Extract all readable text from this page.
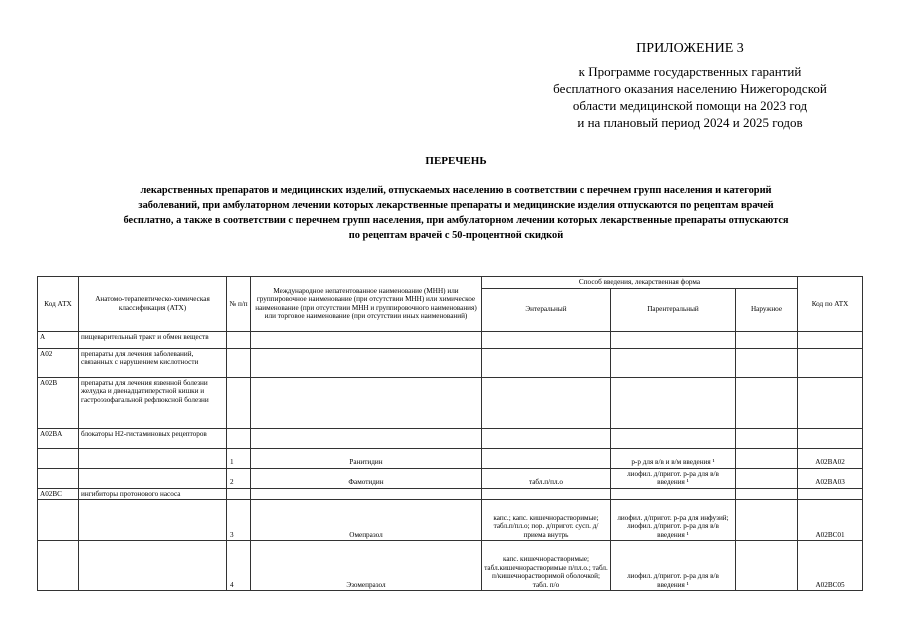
ПРИЛОЖЕНИЕ 3
к Программе государственных гарантий
бесплатного оказания населению Нижегородской
области медицинской помощи на 2023 год
и на плановый период 2024 и 2025 годов
ПЕРЕЧЕНЬ
лекарственных препаратов и медицинских изделий, отпускаемых населению в соответствии с перечнем групп населения и категорий
заболеваний, при амбулаторном лечении которых лекарственные препараты и медицинские изделия отпускаются по рецептам врачей
бесплатно, а также в соответствии с перечнем групп населения, при амбулаторном лечении которых лекарственные препараты отпускаются
по рецептам врачей с 50-процентной скидкой
Код АТХ	Анатомо-терапевтическо-химическая классификация (АТХ)	№ п/п	Международное непатентованное наименование (МНН) или группировочное наименование (при отсутствии МНН) или химическое наименование (при отсутствии МНН и группировочного наименования) или торговое наименование (при отсутствии иных наименований)	Способ введения, лекарственная форма			Код по АТХ
				Энтеральный	Парентеральный	Наружное	
A	пищеварительный тракт и обмен веществ						
A02	препараты для лечения заболеваний, связанных с нарушением кислотности						
A02B	препараты для лечения язвенной болезни желудка и двенадцатиперстной кишки и гастроэзофагальной рефлюксной болезни						
A02BA	блокаторы Н2-гистаминовых рецепторов						
		1	Ранитидин		р-р для в/в и в/м введения ¹		A02BA02
		2	Фамотидин	табл.п/пл.о	лиофил. д/пригот. р-ра для в/в введения ¹		A02BA03
A02BC	ингибиторы протонового насоса						
		3	Омепразол	капс.; капс. кишечнорастворимые; табл.п/пл.о; пор. д/пригот. сусп. д/приема внутрь	лиофил. д/пригот. р-ра для инфузий; лиофил. д/пригот. р-ра для в/в введения ¹		A02BC01
		4	Эзомепразол	капс. кишечнорастворимые; табл.кишечнорастворимые п/пл.о.; табл. п/кишечнорастворимой оболочкой; табл. п/о	лиофил. д/пригот. р-ра для в/в введения ¹		A02BC05
